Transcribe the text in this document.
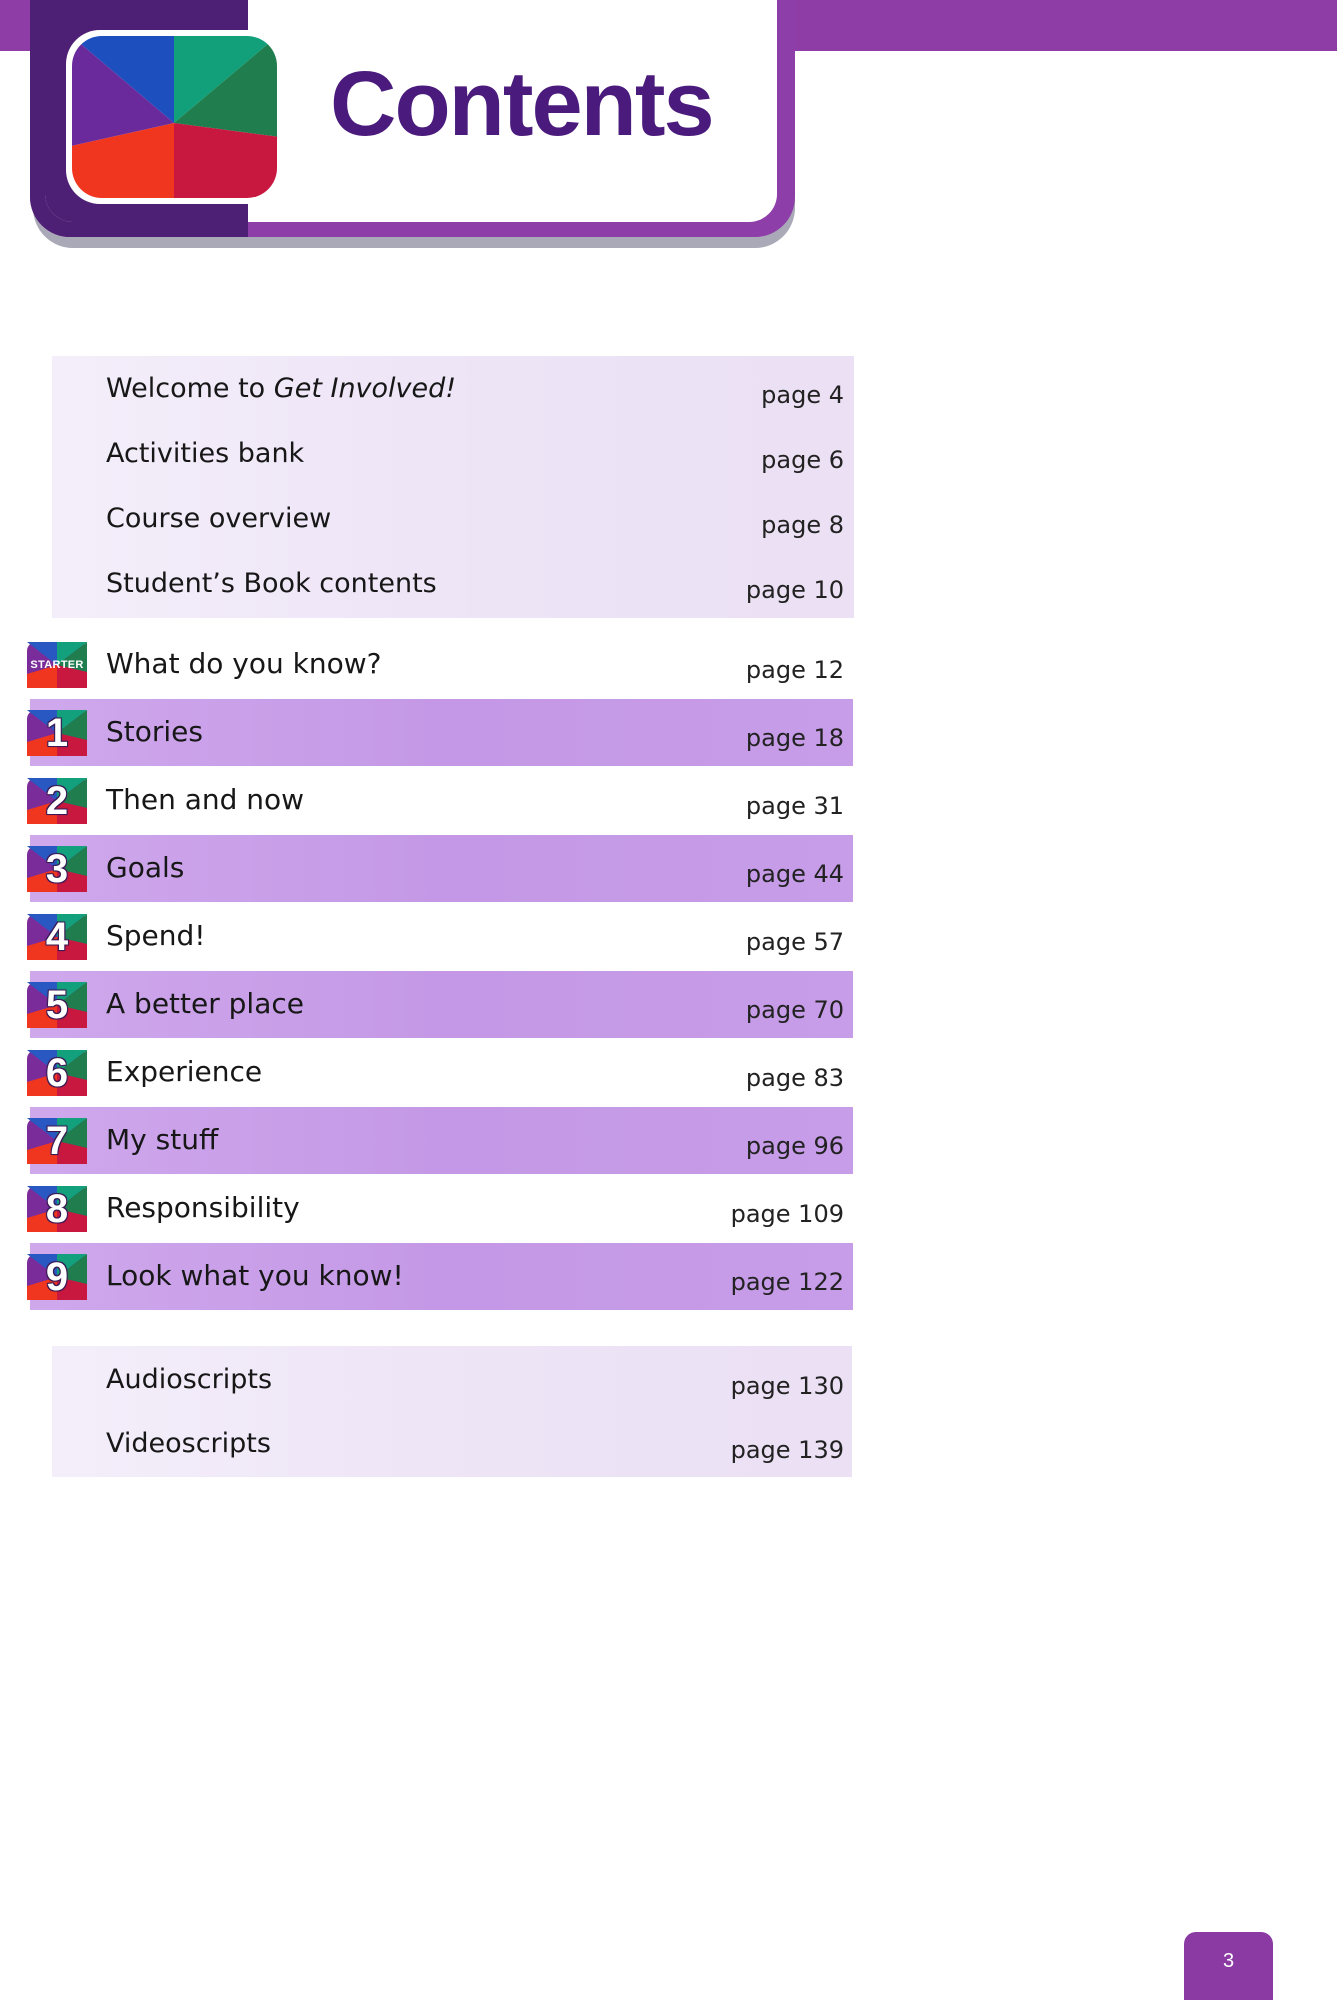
Contents
Welcome to Get Involved!	page 4
Activities bank	page 6
Course overview	page 8
Student’s Book contents	page 10
STARTER What do you know?	page 12
1	Stories	page 18
2	Then and now	page 31
3	Goals	page 44
4	Spend!	page 57
5	A better place	page 70
6	Experience	page 83
7	My stuff	page 96
8	Responsibility	page 109
9	Look what you know!	page 122
Audioscripts	page 130
Videoscripts	page 139
3
